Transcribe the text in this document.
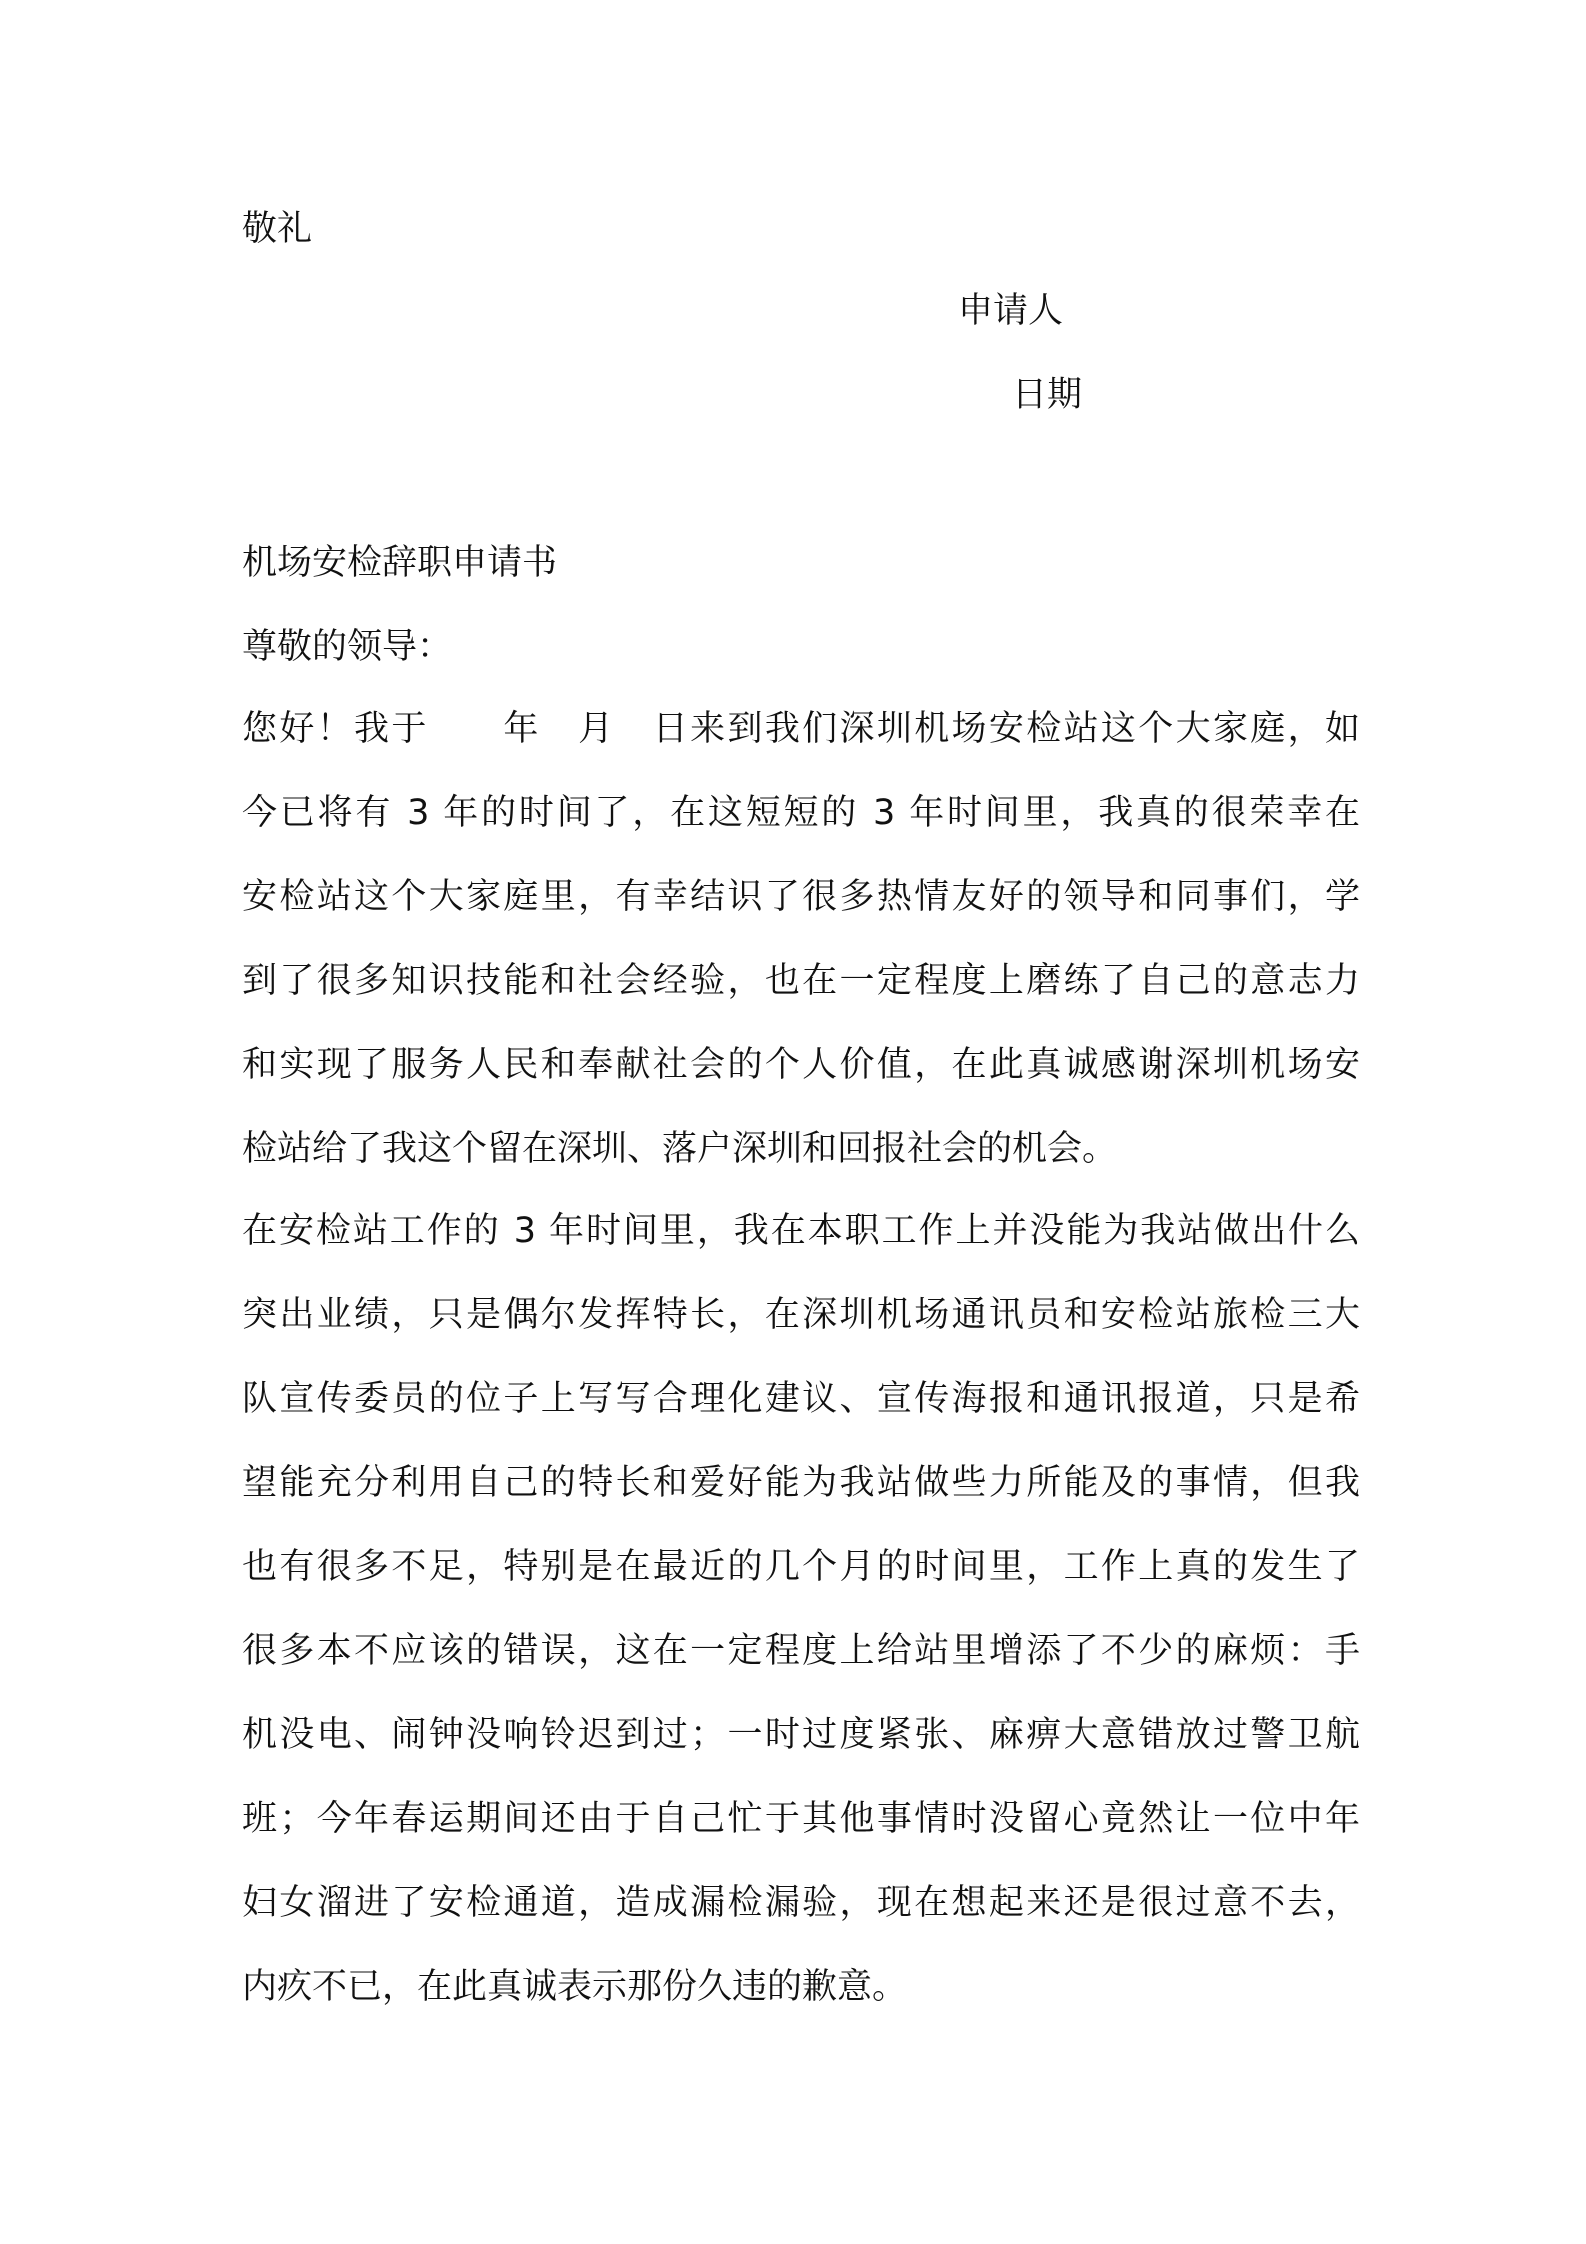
敬礼
申请人
日期
机场安检辞职申请书
尊敬的领导：
您好！我于　　年　月　日来到我们深圳机场安检站这个大家庭，如
今已将有 3 年的时间了，在这短短的 3 年时间里，我真的很荣幸在
安检站这个大家庭里，有幸结识了很多热情友好的领导和同事们，学
到了很多知识技能和社会经验，也在一定程度上磨练了自己的意志力
和实现了服务人民和奉献社会的个人价值，在此真诚感谢深圳机场安
检站给了我这个留在深圳、落户深圳和回报社会的机会。
在安检站工作的 3 年时间里，我在本职工作上并没能为我站做出什么
突出业绩，只是偶尔发挥特长，在深圳机场通讯员和安检站旅检三大
队宣传委员的位子上写写合理化建议、宣传海报和通讯报道，只是希
望能充分利用自己的特长和爱好能为我站做些力所能及的事情，但我
也有很多不足，特别是在最近的几个月的时间里，工作上真的发生了
很多本不应该的错误，这在一定程度上给站里增添了不少的麻烦：手
机没电、闹钟没响铃迟到过；一时过度紧张、麻痹大意错放过警卫航
班；今年春运期间还由于自己忙于其他事情时没留心竟然让一位中年
妇女溜进了安检通道，造成漏检漏验，现在想起来还是很过意不去，
内疚不已，在此真诚表示那份久违的歉意。
